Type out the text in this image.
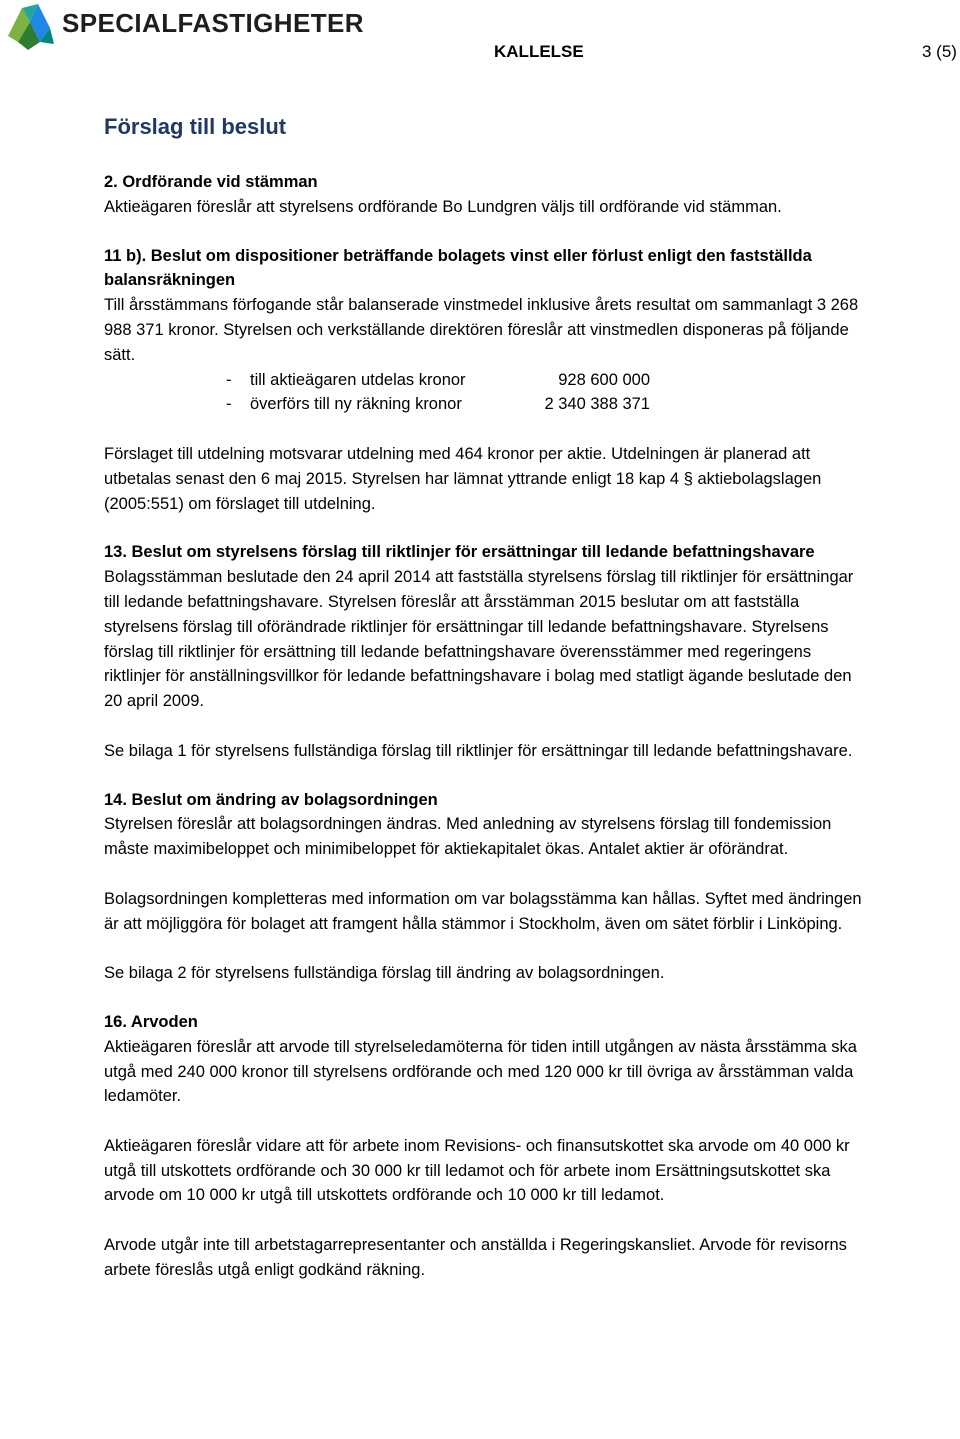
SPECIALFASTIGHETER
KALLELSE	3 (5)
Förslag till beslut
2. Ordförande vid stämman

Aktieägaren föreslår att styrelsens ordförande Bo Lundgren väljs till ordförande vid stämman.

11 b). Beslut om dispositioner beträffande bolagets vinst eller förlust enligt den fastställda balansräkningen
Till årsstämmans förfogande står balanserade vinstmedel inklusive årets resultat om sammanlagt 3 268 988 371 kronor. Styrelsen och verkställande direktören föreslår att vinstmedlen disponeras på följande sätt.
-	till aktieägaren utdelas kronor	928 600 000
-	överförs till ny räkning kronor	2 340 388 371

Förslaget till utdelning motsvarar utdelning med 464 kronor per aktie. Utdelningen är planerad att utbetalas senast den 6 maj 2015. Styrelsen har lämnat yttrande enligt 18 kap 4 § aktiebolagslagen (2005:551) om förslaget till utdelning.

13. Beslut om styrelsens förslag till riktlinjer för ersättningar till ledande befattningshavare

Bolagsstämman beslutade den 24 april 2014 att fastställa styrelsens förslag till riktlinjer för ersättningar till ledande befattningshavare. Styrelsen föreslår att årsstämman 2015 beslutar om att fastställa styrelsens förslag till oförändrade riktlinjer för ersättningar till ledande befattningshavare. Styrelsens förslag till riktlinjer för ersättning till ledande befattningshavare överensstämmer med regeringens riktlinjer för anställningsvillkor för ledande befattningshavare i bolag med statligt ägande beslutade den 20 april 2009.

Se bilaga 1 för styrelsens fullständiga förslag till riktlinjer för ersättningar till ledande befattningshavare.

14. Beslut om ändring av bolagsordningen

Styrelsen föreslår att bolagsordningen ändras. Med anledning av styrelsens förslag till fondemission måste maximibeloppet och minimibeloppet för aktiekapitalet ökas. Antalet aktier är oförändrat.

Bolagsordningen kompletteras med information om var bolagsstämma kan hållas. Syftet med ändringen är att möjliggöra för bolaget att framgent hålla stämmor i Stockholm, även om sätet förblir i Linköping.

Se bilaga 2 för styrelsens fullständiga förslag till ändring av bolagsordningen.

16. Arvoden

Aktieägaren föreslår att arvode till styrelseledamöterna för tiden intill utgången av nästa årsstämma ska utgå med 240 000 kronor till styrelsens ordförande och med 120 000 kr till övriga av årsstämman valda ledamöter.

Aktieägaren föreslår vidare att för arbete inom Revisions- och finansutskottet ska arvode om 40 000 kr utgå till utskottets ordförande och 30 000 kr till ledamot och för arbete inom Ersättningsutskottet ska arvode om 10 000 kr utgå till utskottets ordförande och 10 000 kr till ledamot.

Arvode utgår inte till arbetstagarrepresentanter och anställda i Regeringskansliet. Arvode för revisorns arbete föreslås utgå enligt godkänd räkning.
